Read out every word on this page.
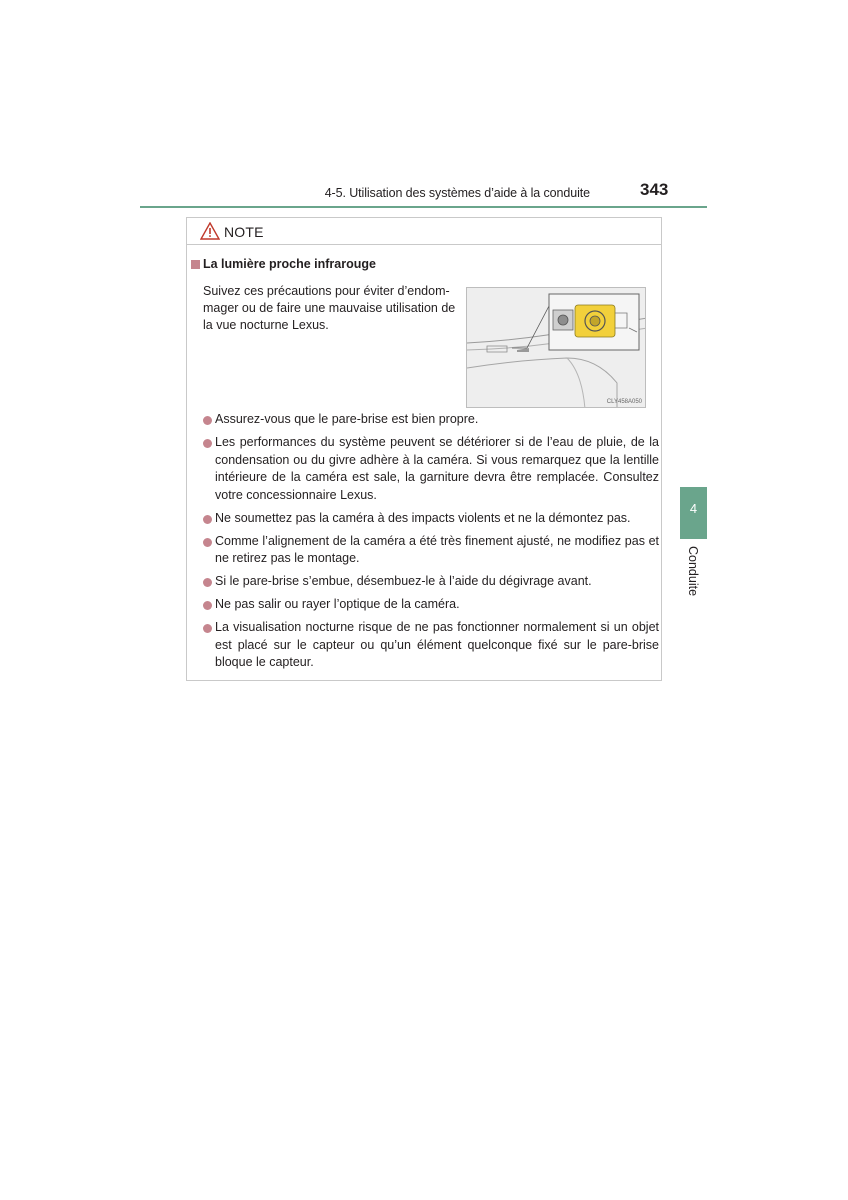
4-5. Utilisation des systèmes d’aide à la conduite	343
NOTE
La lumière proche infrarouge
Suivez ces précautions pour éviter d’endom-
mager ou de faire une mauvaise utilisation de
la vue nocturne Lexus.
CLY458A050
Assurez-vous que le pare-brise est bien propre.
Les performances du système peuvent se détériorer si de l’eau de pluie, de la condensation ou du givre adhère à la caméra. Si vous remarquez que la lentille intérieure de la caméra est sale, la garniture devra être remplacée. Consultez votre concessionnaire Lexus.
Ne soumettez pas la caméra à des impacts violents et ne la démontez pas.
Comme l’alignement de la caméra a été très finement ajusté, ne modifiez pas et ne retirez pas le montage.
Si le pare-brise s’embue, désembuez-le à l’aide du dégivrage avant.
Ne pas salir ou rayer l’optique de la caméra.
La visualisation nocturne risque de ne pas fonctionner normalement si un objet est placé sur le capteur ou qu’un élément quelconque fixé sur le pare-brise bloque le capteur.
4
Conduite
